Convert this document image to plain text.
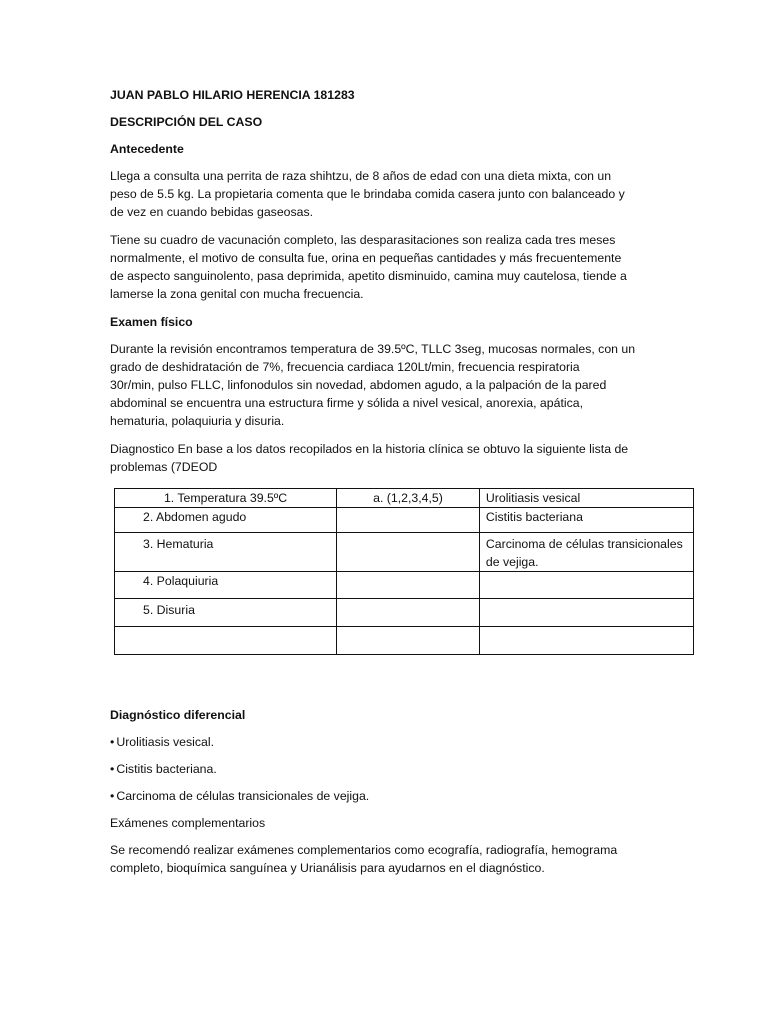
JUAN PABLO HILARIO HERENCIA 181283

DESCRIPCIÓN DEL CASO

Antecedente

Llega a consulta una perrita de raza shihtzu, de 8 años de edad con una dieta mixta, con un
peso de 5.5 kg. La propietaria comenta que le brindaba comida casera junto con balanceado y
de vez en cuando bebidas gaseosas.

Tiene su cuadro de vacunación completo, las desparasitaciones son realiza cada tres meses
normalmente, el motivo de consulta fue, orina en pequeñas cantidades y más frecuentemente
de aspecto sanguinolento, pasa deprimida, apetito disminuido, camina muy cautelosa, tiende a
lamerse la zona genital con mucha frecuencia.

Examen físico

Durante la revisión encontramos temperatura de 39.5ºC, TLLC 3seg, mucosas normales, con un
grado de deshidratación de 7%, frecuencia cardiaca 120Lt/min, frecuencia respiratoria
30r/min, pulso FLLC, linfonodulos sin novedad, abdomen agudo, a la palpación de la pared
abdominal se encuentra una estructura firme y sólida a nivel vesical, anorexia, apática,
hematuria, polaquiuria y disuria.

Diagnostico En base a los datos recopilados en la historia clínica se obtuvo la siguiente lista de
problemas (7DEOD

1. Temperatura 39.5ºC	a. (1,2,3,4,5)	Urolitiasis vesical
2. Abdomen agudo		Cistitis bacteriana
3. Hematuria		Carcinoma de células transicionales
de vejiga.
4. Polaquiuria		
5. Disuria		

Diagnóstico diferencial

• Urolitiasis vesical.

• Cistitis bacteriana.

• Carcinoma de células transicionales de vejiga.

Exámenes complementarios

Se recomendó realizar exámenes complementarios como ecografía, radiografía, hemograma
completo, bioquímica sanguínea y Urianálisis para ayudarnos en el diagnóstico.
